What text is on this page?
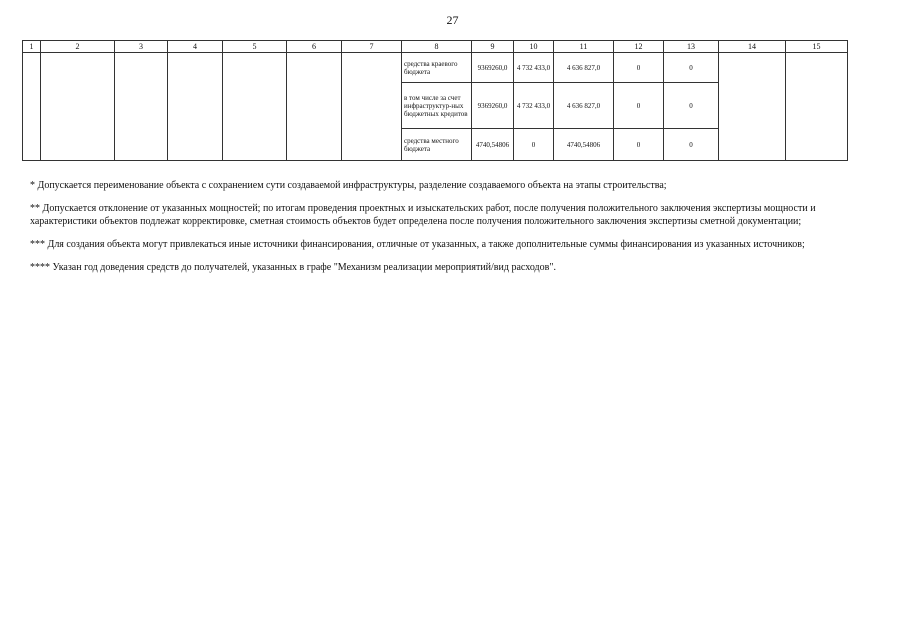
27
1	2	3	4	5	6	7	8	9	10	11	12	13	14	15
							средства краевого бюджета	9369260,0	4 732 433,0	4 636 827,0	0	0		
							в том числе за счет инфраструктур-ных бюджетных кредитов	9369260,0	4 732 433,0	4 636 827,0	0	0		
							средства местного бюджета	4740,54806	0	4740,54806	0	0		

* Допускается переименование объекта с сохранением сути создаваемой инфраструктуры, разделение создаваемого объекта на этапы строительства;

** Допускается отклонение от указанных мощностей; по итогам проведения проектных и изыскательских работ, после получения положительного заключения экспертизы мощности и характеристики объектов подлежат корректировке, сметная стоимость объектов будет определена после получения положительного заключения экспертизы сметной документации;

*** Для создания объекта могут привлекаться иные источники финансирования, отличные от указанных, а также дополнительные суммы финансирования из указанных источников;

**** Указан год доведения средств до получателей, указанных в графе "Механизм реализации мероприятий/вид расходов".
